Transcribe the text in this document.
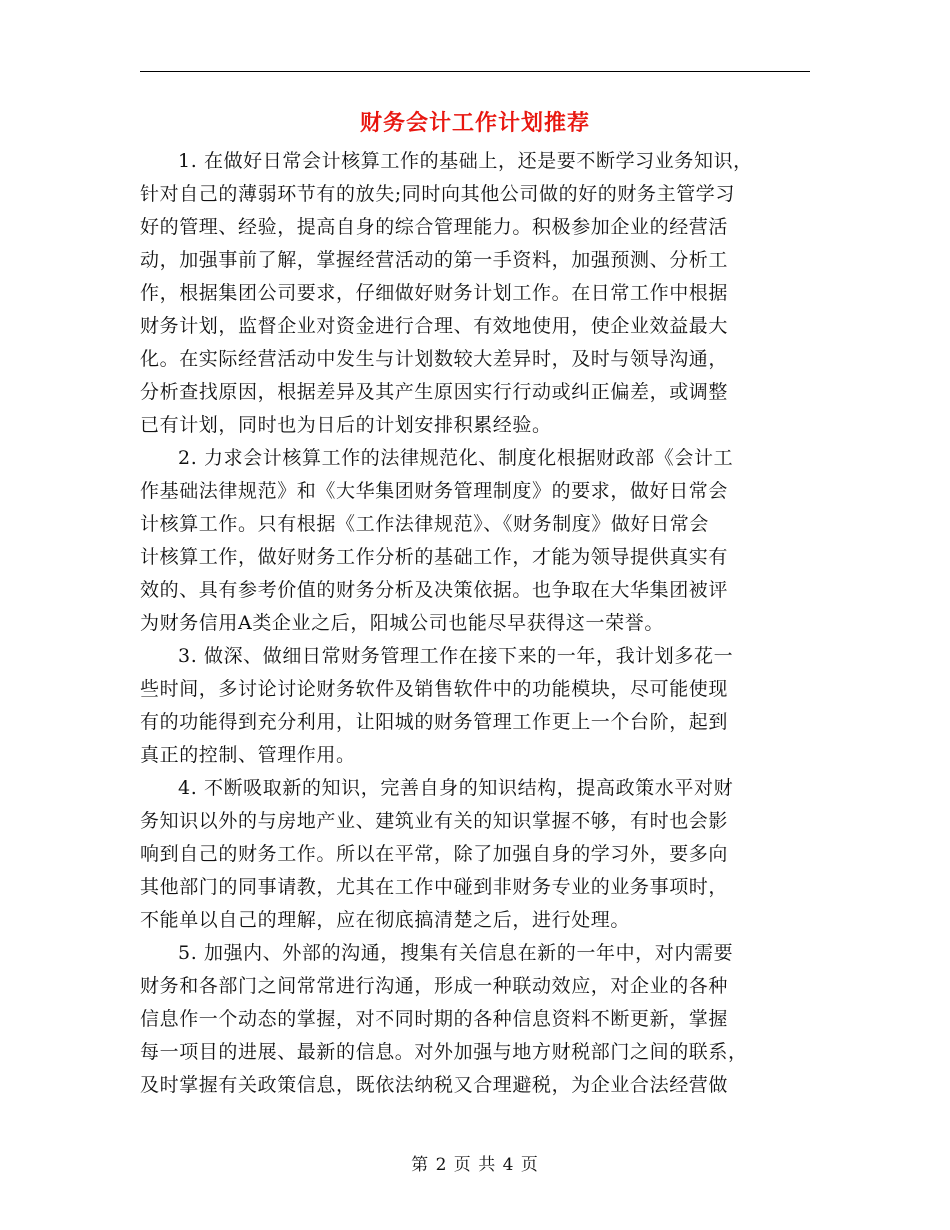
财务会计工作计划推荐
1. 在做好日常会计核算工作的基础上，还是要不断学习业务知识，
针对自己的薄弱环节有的放失;同时向其他公司做的好的财务主管学习
好的管理、经验，提高自身的综合管理能力。积极参加企业的经营活
动，加强事前了解，掌握经营活动的第一手资料，加强预测、分析工
作，根据集团公司要求，仔细做好财务计划工作。在日常工作中根据
财务计划，监督企业对资金进行合理、有效地使用，使企业效益最大
化。在实际经营活动中发生与计划数较大差异时，及时与领导沟通，
分析查找原因，根据差异及其产生原因实行行动或纠正偏差，或调整
已有计划，同时也为日后的计划安排积累经验。
2. 力求会计核算工作的法律规范化、制度化根据财政部《会计工
作基础法律规范》和《大华集团财务管理制度》的要求，做好日常会
计核算工作。只有根据《工作法律规范》、《财务制度》做好日常会
计核算工作，做好财务工作分析的基础工作，才能为领导提供真实有
效的、具有参考价值的财务分析及决策依据。也争取在大华集团被评
为财务信用A类企业之后，阳城公司也能尽早获得这一荣誉。
3. 做深、做细日常财务管理工作在接下来的一年，我计划多花一
些时间，多讨论讨论财务软件及销售软件中的功能模块，尽可能使现
有的功能得到充分利用，让阳城的财务管理工作更上一个台阶，起到
真正的控制、管理作用。
4. 不断吸取新的知识，完善自身的知识结构，提高政策水平对财
务知识以外的与房地产业、建筑业有关的知识掌握不够，有时也会影
响到自己的财务工作。所以在平常，除了加强自身的学习外，要多向
其他部门的同事请教，尤其在工作中碰到非财务专业的业务事项时，
不能单以自己的理解，应在彻底搞清楚之后，进行处理。
5. 加强内、外部的沟通，搜集有关信息在新的一年中，对内需要
财务和各部门之间常常进行沟通，形成一种联动效应，对企业的各种
信息作一个动态的掌握，对不同时期的各种信息资料不断更新，掌握
每一项目的进展、最新的信息。对外加强与地方财税部门之间的联系，
及时掌握有关政策信息，既依法纳税又合理避税，为企业合法经营做
第 2 页 共 4 页
